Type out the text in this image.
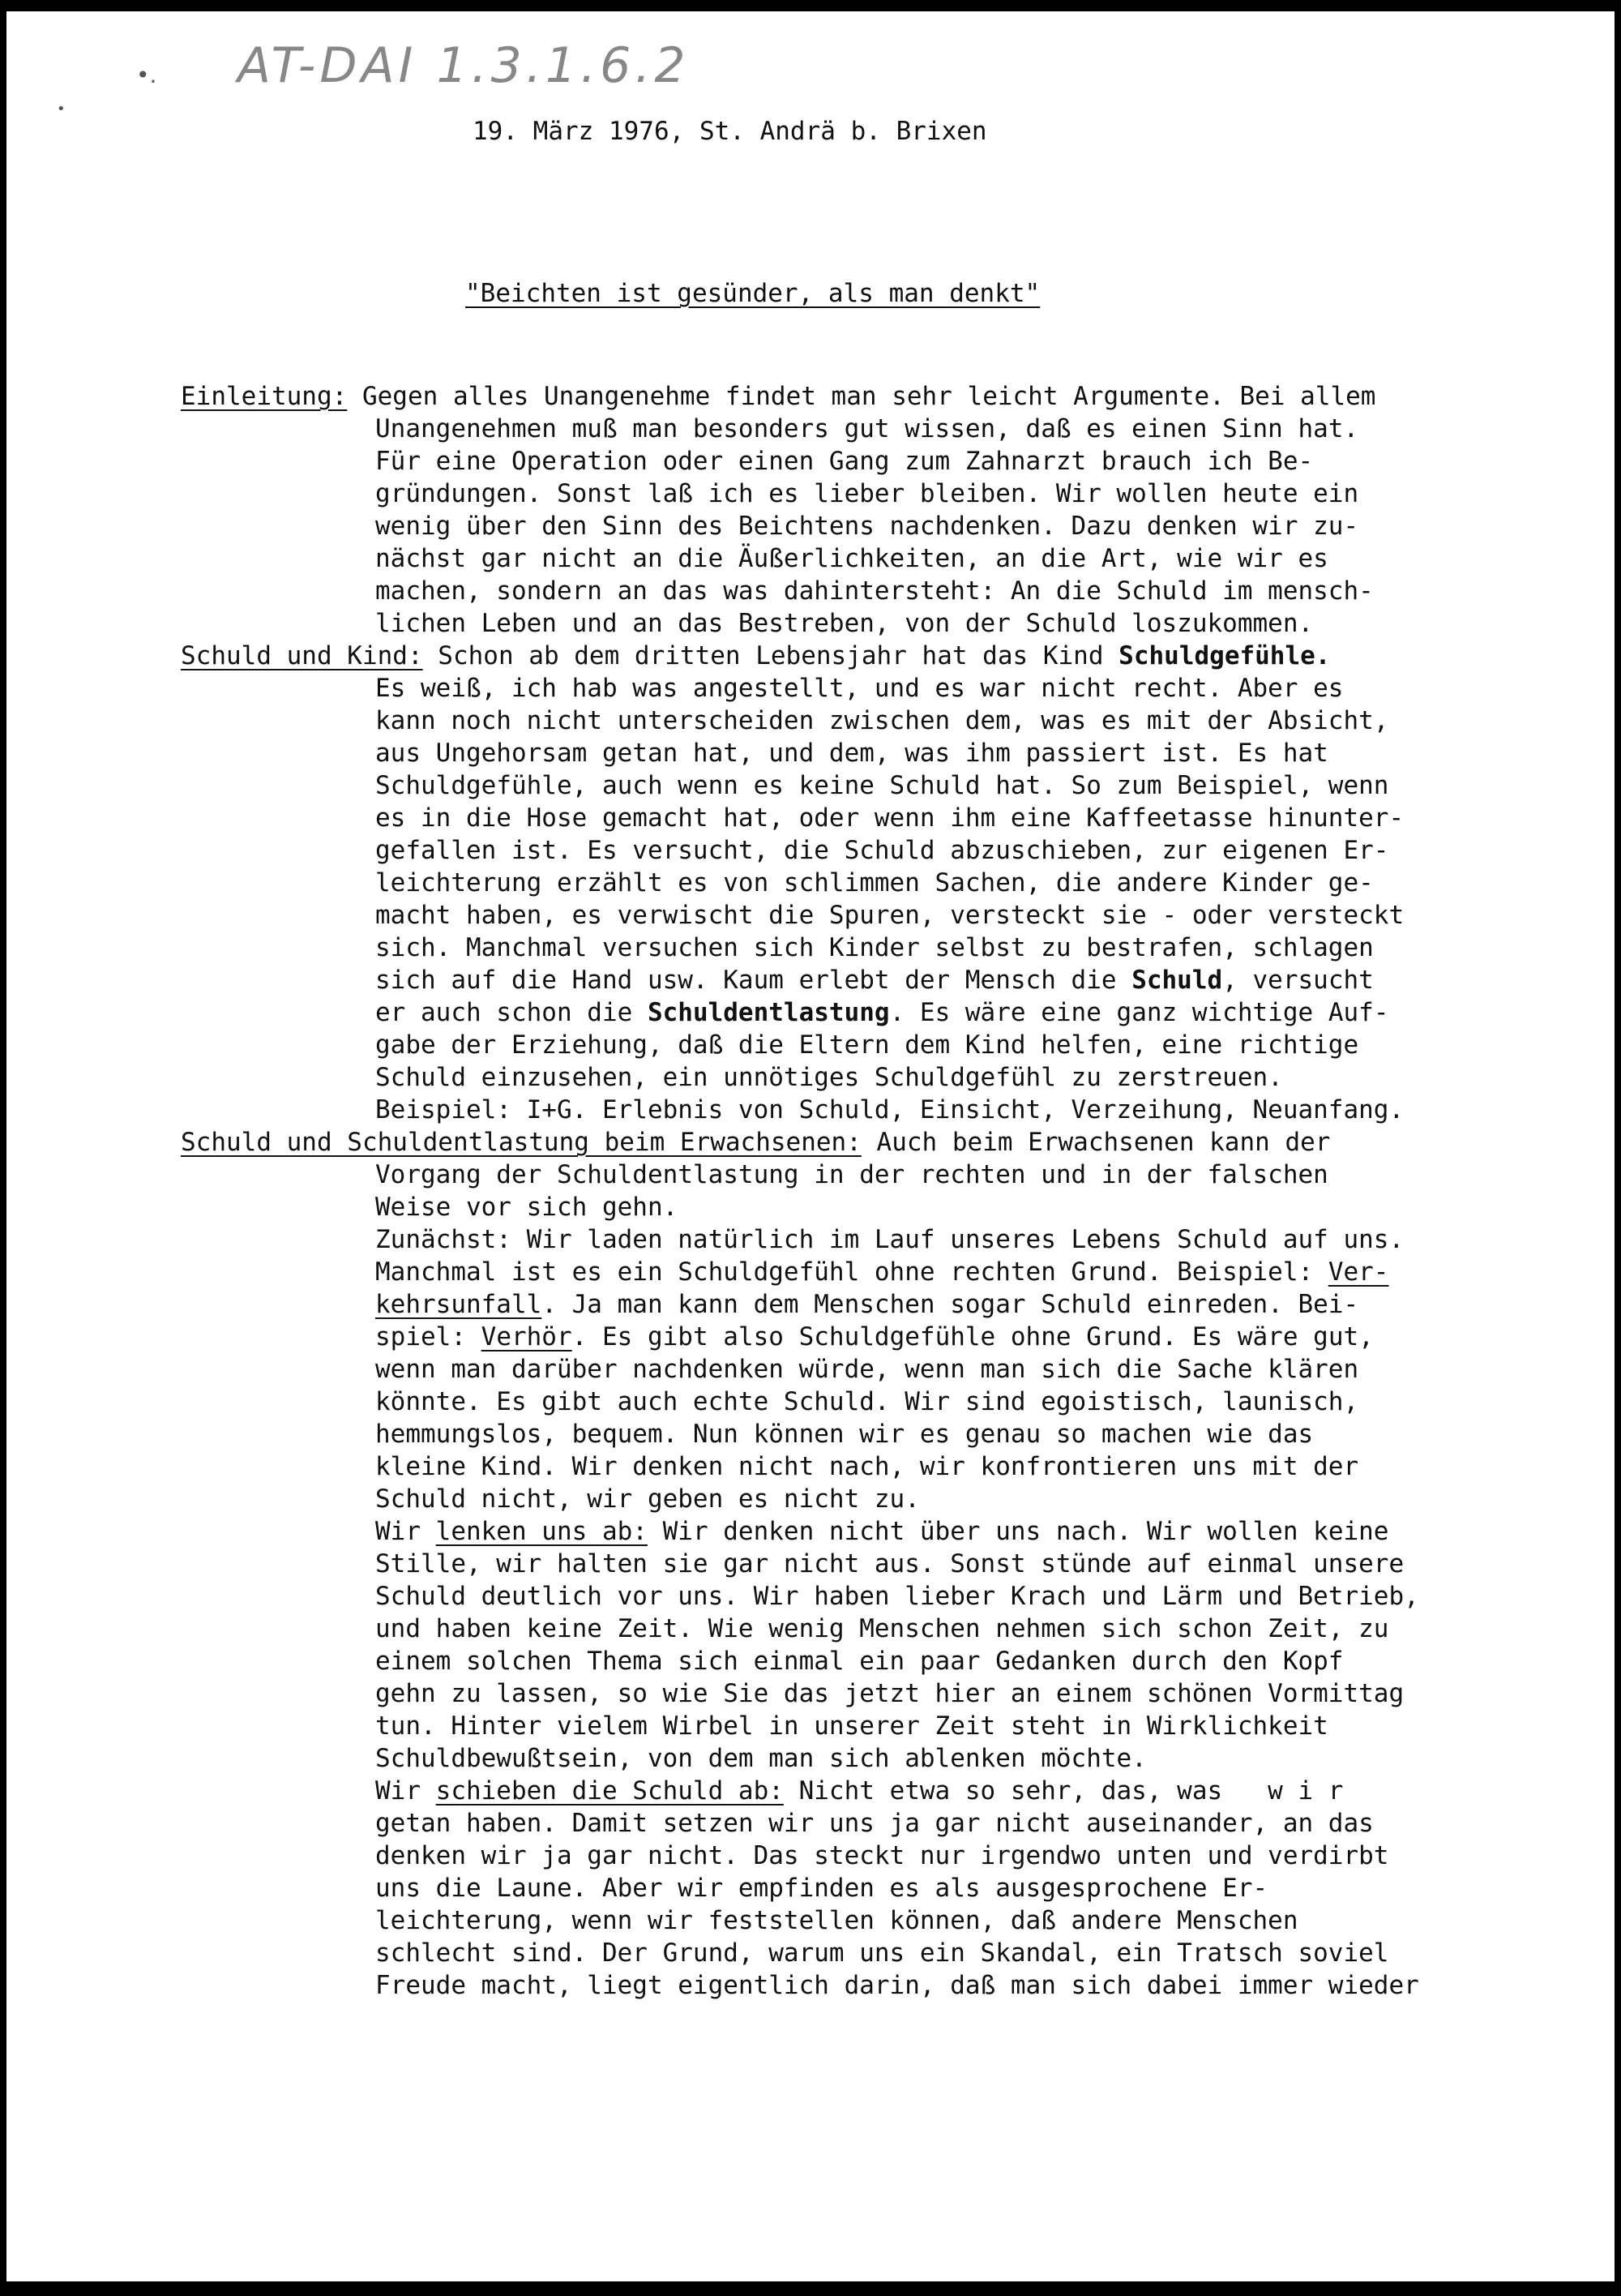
•.
•
AT-DAI 1.3.1.6.2
19. März 1976, St. Andrä b. Brixen
"Beichten ist gesünder, als man denkt"
Einleitung: Gegen alles Unangenehme findet man sehr leicht Argumente. Bei allem
Unangenehmen muß man besonders gut wissen, daß es einen Sinn hat.
Für eine Operation oder einen Gang zum Zahnarzt brauch ich Be-
gründungen. Sonst laß ich es lieber bleiben. Wir wollen heute ein
wenig über den Sinn des Beichtens nachdenken. Dazu denken wir zu-
nächst gar nicht an die Äußerlichkeiten, an die Art, wie wir es
machen, sondern an das was dahintersteht: An die Schuld im mensch-
lichen Leben und an das Bestreben, von der Schuld loszukommen.
Schuld und Kind: Schon ab dem dritten Lebensjahr hat das Kind Schuldgefühle.
Es weiß, ich hab was angestellt, und es war nicht recht. Aber es
kann noch nicht unterscheiden zwischen dem, was es mit der Absicht,
aus Ungehorsam getan hat, und dem, was ihm passiert ist. Es hat
Schuldgefühle, auch wenn es keine Schuld hat. So zum Beispiel, wenn
es in die Hose gemacht hat, oder wenn ihm eine Kaffeetasse hinunter-
gefallen ist. Es versucht, die Schuld abzuschieben, zur eigenen Er-
leichterung erzählt es von schlimmen Sachen, die andere Kinder ge-
macht haben, es verwischt die Spuren, versteckt sie - oder versteckt
sich. Manchmal versuchen sich Kinder selbst zu bestrafen, schlagen
sich auf die Hand usw. Kaum erlebt der Mensch die Schuld, versucht
er auch schon die Schuldentlastung. Es wäre eine ganz wichtige Auf-
gabe der Erziehung, daß die Eltern dem Kind helfen, eine richtige
Schuld einzusehen, ein unnötiges Schuldgefühl zu zerstreuen.
Beispiel: I+G. Erlebnis von Schuld, Einsicht, Verzeihung, Neuanfang.
Schuld und Schuldentlastung beim Erwachsenen: Auch beim Erwachsenen kann der
Vorgang der Schuldentlastung in der rechten und in der falschen
Weise vor sich gehn.
Zunächst: Wir laden natürlich im Lauf unseres Lebens Schuld auf uns.
Manchmal ist es ein Schuldgefühl ohne rechten Grund. Beispiel: Ver-
kehrsunfall. Ja man kann dem Menschen sogar Schuld einreden. Bei-
spiel: Verhör. Es gibt also Schuldgefühle ohne Grund. Es wäre gut,
wenn man darüber nachdenken würde, wenn man sich die Sache klären
könnte. Es gibt auch echte Schuld. Wir sind egoistisch, launisch,
hemmungslos, bequem. Nun können wir es genau so machen wie das
kleine Kind. Wir denken nicht nach, wir konfrontieren uns mit der
Schuld nicht, wir geben es nicht zu.
Wir lenken uns ab: Wir denken nicht über uns nach. Wir wollen keine
Stille, wir halten sie gar nicht aus. Sonst stünde auf einmal unsere
Schuld deutlich vor uns. Wir haben lieber Krach und Lärm und Betrieb,
und haben keine Zeit. Wie wenig Menschen nehmen sich schon Zeit, zu
einem solchen Thema sich einmal ein paar Gedanken durch den Kopf
gehn zu lassen, so wie Sie das jetzt hier an einem schönen Vormittag
tun. Hinter vielem Wirbel in unserer Zeit steht in Wirklichkeit
Schuldbewußtsein, von dem man sich ablenken möchte.
Wir schieben die Schuld ab: Nicht etwa so sehr, das, was   w i r
getan haben. Damit setzen wir uns ja gar nicht auseinander, an das
denken wir ja gar nicht. Das steckt nur irgendwo unten und verdirbt
uns die Laune. Aber wir empfinden es als ausgesprochene Er-
leichterung, wenn wir feststellen können, daß andere Menschen
schlecht sind. Der Grund, warum uns ein Skandal, ein Tratsch soviel
Freude macht, liegt eigentlich darin, daß man sich dabei immer wieder
